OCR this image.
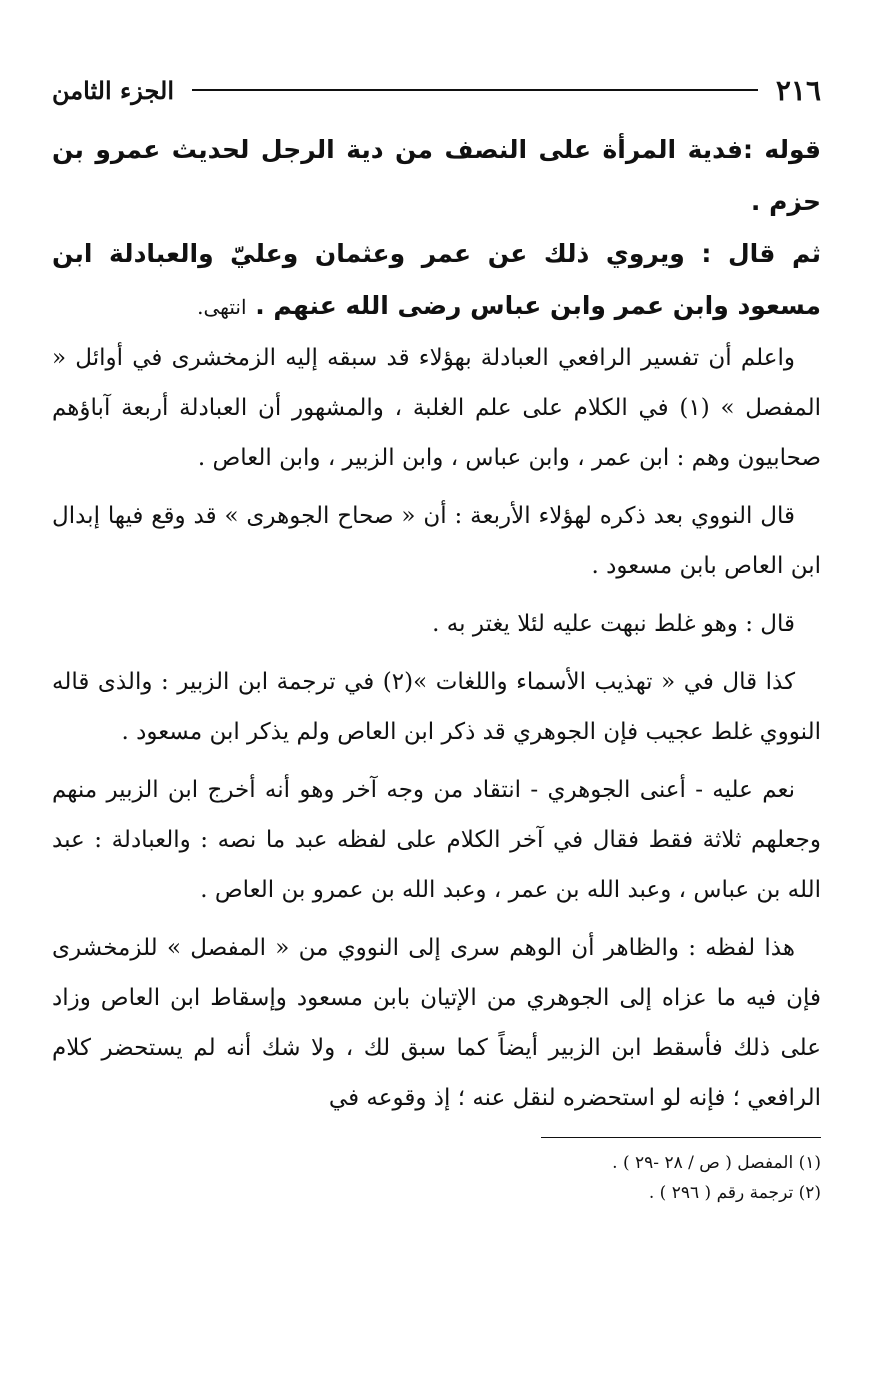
٢١٦
الجزء الثامن

قوله :فدية المرأة على النصف من دية الرجل لحديث عمرو بن حزم .

ثم قال : ويروي ذلك عن عمر وعثمان وعليّ والعبادلة ابن مسعود وابن عمر وابن عباس رضى الله عنهم . انتهى.

واعلم أن تفسير الرافعي العبادلة بهؤلاء قد سبقه إليه الزمخشرى في أوائل « المفصل » (١) في الكلام على علم الغلبة ، والمشهور أن العبادلة أربعة آباؤهم صحابيون وهم : ابن عمر ، وابن عباس ، وابن الزبير ، وابن العاص .

قال النووي بعد ذكره لهؤلاء الأربعة : أن « صحاح الجوهرى » قد وقع فيها إبدال ابن العاص بابن مسعود .

قال : وهو غلط نبهت عليه لئلا يغتر به .

كذا قال في « تهذيب الأسماء واللغات »(٢) في ترجمة ابن الزبير : والذى قاله النووي غلط عجيب فإن الجوهري قد ذكر ابن العاص ولم يذكر ابن مسعود .

نعم عليه - أعنى الجوهري - انتقاد من وجه آخر وهو أنه أخرج ابن الزبير منهم وجعلهم ثلاثة فقط فقال في آخر الكلام على لفظه عبد ما نصه : والعبادلة : عبد الله بن عباس ، وعبد الله بن عمر ، وعبد الله بن عمرو بن العاص .

هذا لفظه : والظاهر أن الوهم سرى إلى النووي من « المفصل » للزمخشرى فإن فيه ما عزاه إلى الجوهري من الإتيان بابن مسعود وإسقاط ابن العاص وزاد على ذلك فأسقط ابن الزبير أيضاً كما سبق لك ، ولا شك أنه لم يستحضر كلام الرافعي ؛ فإنه لو استحضره لنقل عنه ؛ إذ وقوعه في

(١) المفصل ( ص / ٢٨ -٢٩ ) .

(٢) ترجمة رقم ( ٢٩٦ ) .
